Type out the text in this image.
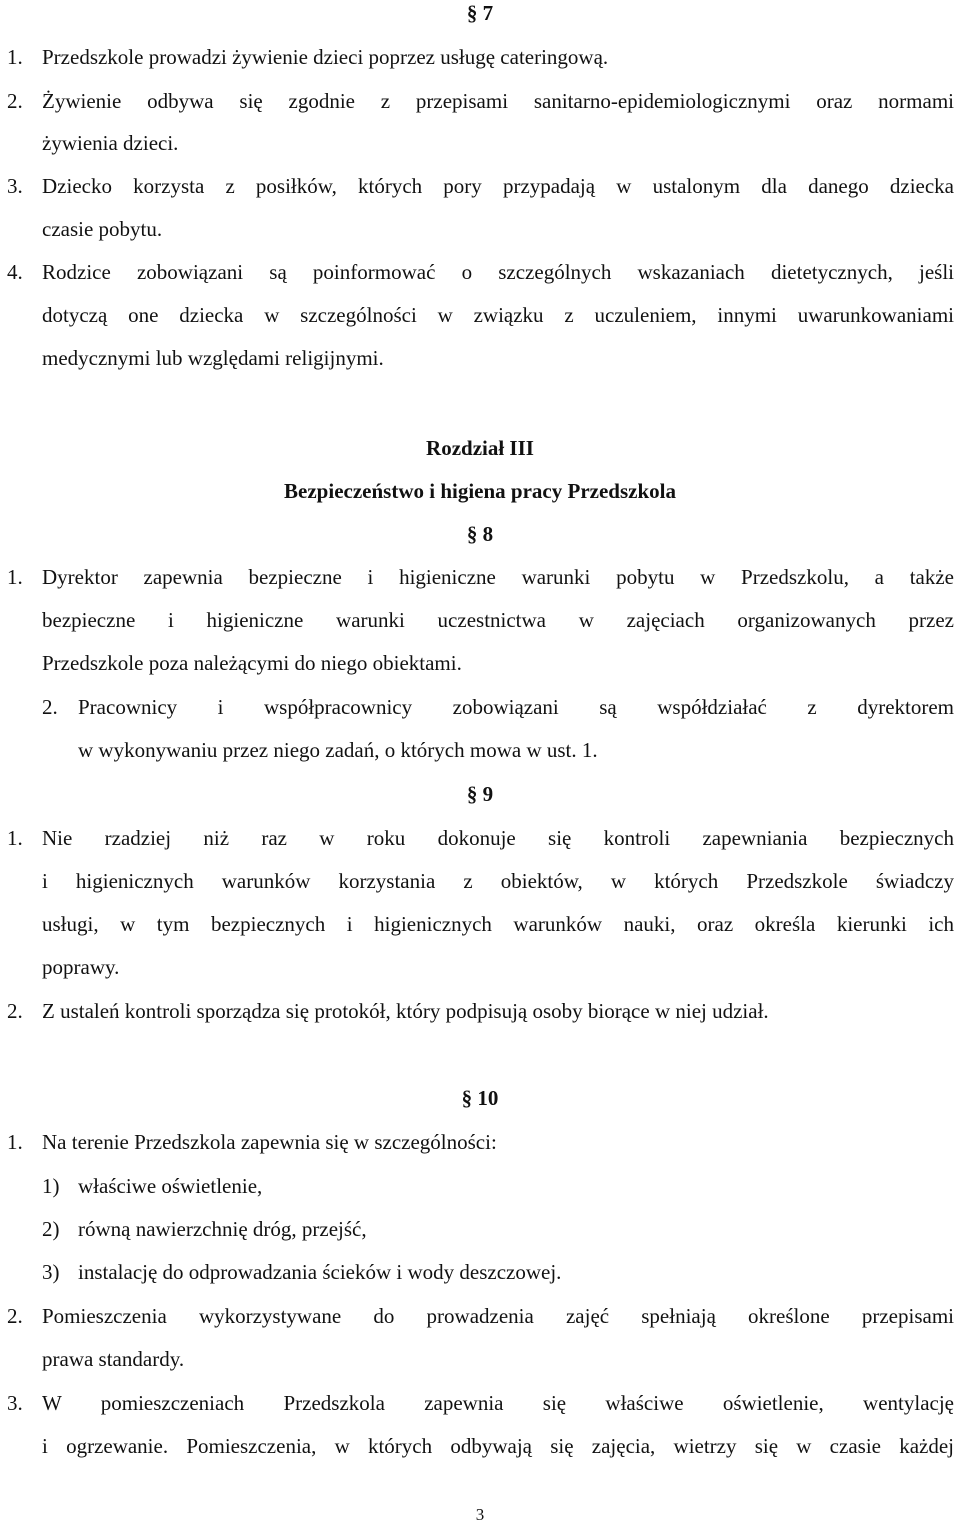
§ 7
1. Przedszkole prowadzi żywienie dzieci poprzez usługę cateringową.
2. Żywienie odbywa się zgodnie z przepisami sanitarno-epidemiologicznymi oraz normami
żywienia dzieci.
3. Dziecko korzysta z posiłków, których pory przypadają w ustalonym dla danego dziecka
czasie pobytu.
4. Rodzice zobowiązani są poinformować o szczególnych wskazaniach dietetycznych, jeśli
dotyczą one dziecka w szczególności w związku z uczuleniem, innymi uwarunkowaniami
medycznymi lub względami religijnymi.
Rozdział III
Bezpieczeństwo i higiena pracy Przedszkola
§ 8
1. Dyrektor zapewnia bezpieczne i higieniczne warunki pobytu w Przedszkolu, a także
bezpieczne i higieniczne warunki uczestnictwa w zajęciach organizowanych przez
Przedszkole poza należącymi do niego obiektami.
2. Pracownicy i współpracownicy zobowiązani są współdziałać z dyrektorem
w wykonywaniu przez niego zadań, o których mowa w ust. 1.
§ 9
1. Nie rzadziej niż raz w roku dokonuje się kontroli zapewniania bezpiecznych
i higienicznych warunków korzystania z obiektów, w których Przedszkole świadczy
usługi, w tym bezpiecznych i higienicznych warunków nauki, oraz określa kierunki ich
poprawy.
2. Z ustaleń kontroli sporządza się protokół, który podpisują osoby biorące w niej udział.
§ 10
1. Na terenie Przedszkola zapewnia się w szczególności:
1) właściwe oświetlenie,
2) równą nawierzchnię dróg, przejść,
3) instalację do odprowadzania ścieków i wody deszczowej.
2. Pomieszczenia wykorzystywane do prowadzenia zajęć spełniają określone przepisami
prawa standardy.
3. W pomieszczeniach Przedszkola zapewnia się właściwe oświetlenie, wentylację
i ogrzewanie. Pomieszczenia, w których odbywają się zajęcia, wietrzy się w czasie każdej
3
